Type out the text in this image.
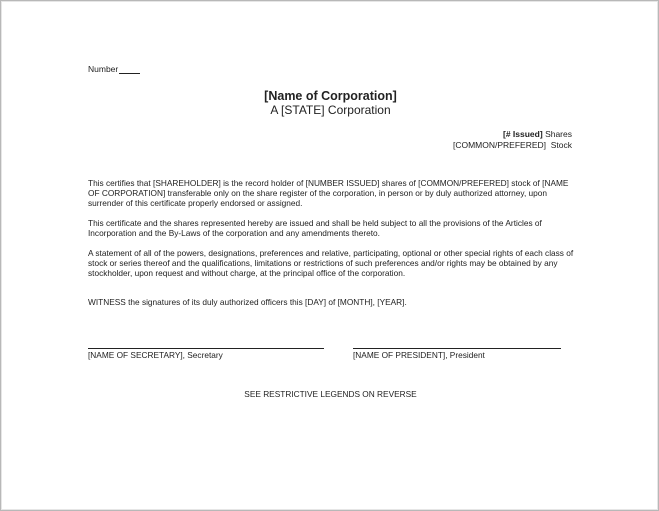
Number
[Name of Corporation]
A [STATE] Corporation
[# Issued] Shares
[COMMON/PREFERED] Stock
This certifies that [SHAREHOLDER] is the record holder of [NUMBER ISSUED] shares of [COMMON/PREFERED] stock of [NAME OF CORPORATION] transferable only on the share register of the corporation, in person or by duly authorized attorney, upon surrender of this certificate properly endorsed or assigned.
This certificate and the shares represented hereby are issued and shall be held subject to all the provisions of the Articles of Incorporation and the By-Laws of the corporation and any amendments thereto.
A statement of all of the powers, designations, preferences and relative, participating, optional or other special rights of each class of stock or series thereof and the qualifications, limitations or restrictions of such preferences and/or rights may be obtained by any stockholder, upon request and without charge, at the principal office of the corporation.
WITNESS the signatures of its duly authorized officers this [DAY] of [MONTH], [YEAR].
[NAME OF SECRETARY], Secretary	[NAME OF PRESIDENT], President
SEE RESTRICTIVE LEGENDS ON REVERSE
